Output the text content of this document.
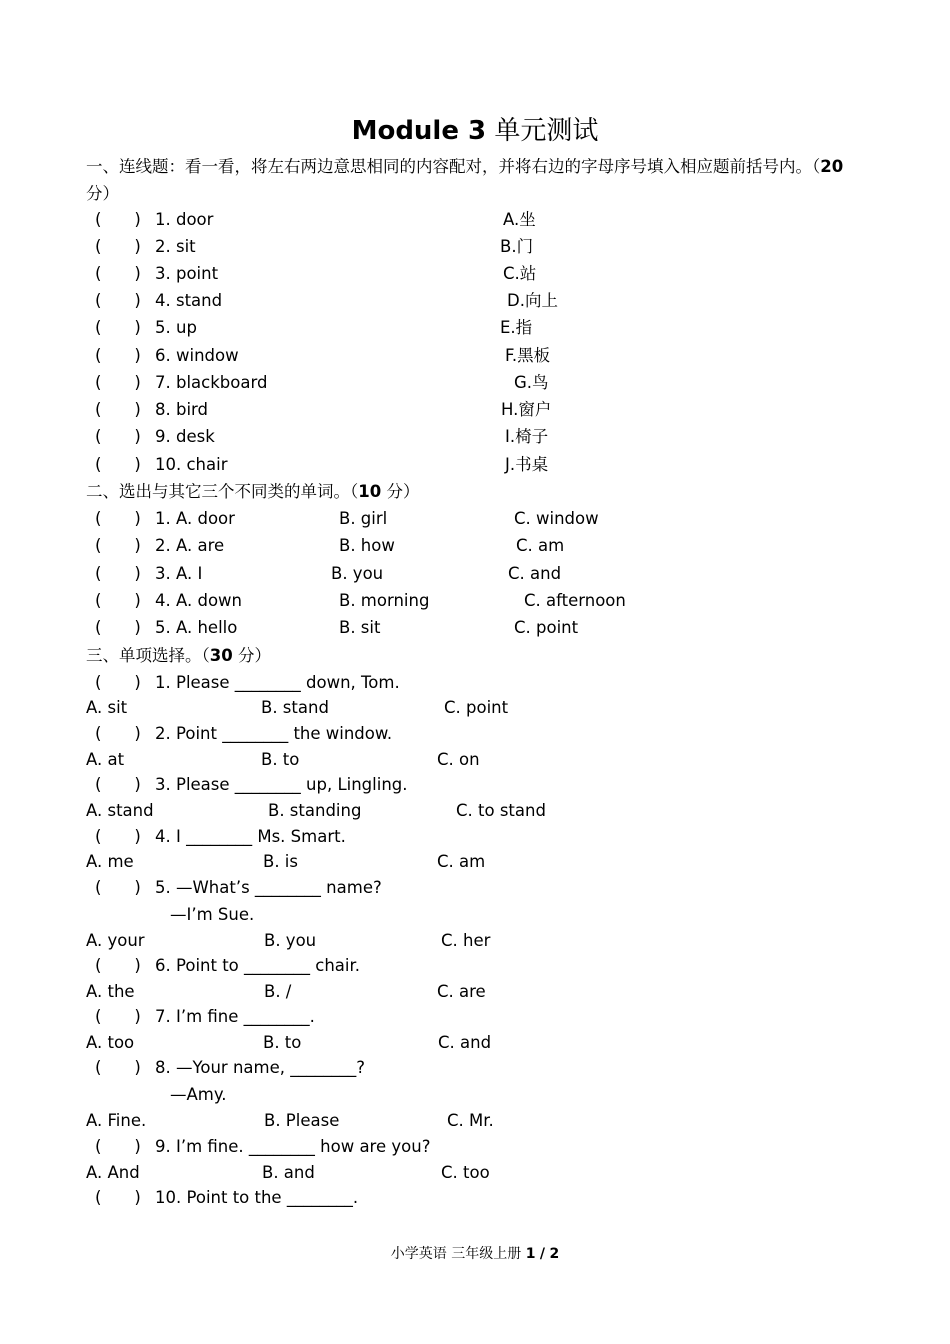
Module 3 单元测试
一、连线题：看一看，将左右两边意思相同的内容配对，并将右边的字母序号填入相应题前括号内。（20
分）
(　　) 1. door	A.坐
(　　) 2. sit	B.门
(　　) 3. point	C.站
(　　) 4. stand	D.向上
(　　) 5. up	E.指
(　　) 6. window	F.黑板
(　　) 7. blackboard	G.鸟
(　　) 8. bird	H.窗户
(　　) 9. desk	I.椅子
(　　) 10. chair	J.书桌
二、选出与其它三个不同类的单词。（10 分）
(　　) 1. A. door	B. girl	C. window
(　　) 2. A. are	B. how	C. am
(　　) 3. A. I	B. you	C. and
(　　) 4. A. down	B. morning	C. afternoon
(　　) 5. A. hello	B. sit	C. point
三、单项选择。（30 分）
(　　) 1. Please ________ down, Tom.
A. sit	B. stand	C. point
(　　) 2. Point ________ the window.
A. at	B. to	C. on
(　　) 3. Please ________ up, Lingling.
A. stand	B. standing	C. to stand
(　　) 4. I ________ Ms. Smart.
A. me	B. is	C. am
(　　) 5. —What’s ________ name?
—I’m Sue.
A. your	B. you	C. her
(　　) 6. Point to ________ chair.
A. the	B. /	C. are
(　　) 7. I’m fine ________.
A. too	B. to	C. and
(　　) 8. —Your name, ________?
—Amy.
A. Fine.	B. Please	C. Mr.
(　　) 9. I’m fine. ________ how are you?
A. And	B. and	C. too
(　　) 10. Point to the ________.
小学英语 三年级上册 1 / 2
